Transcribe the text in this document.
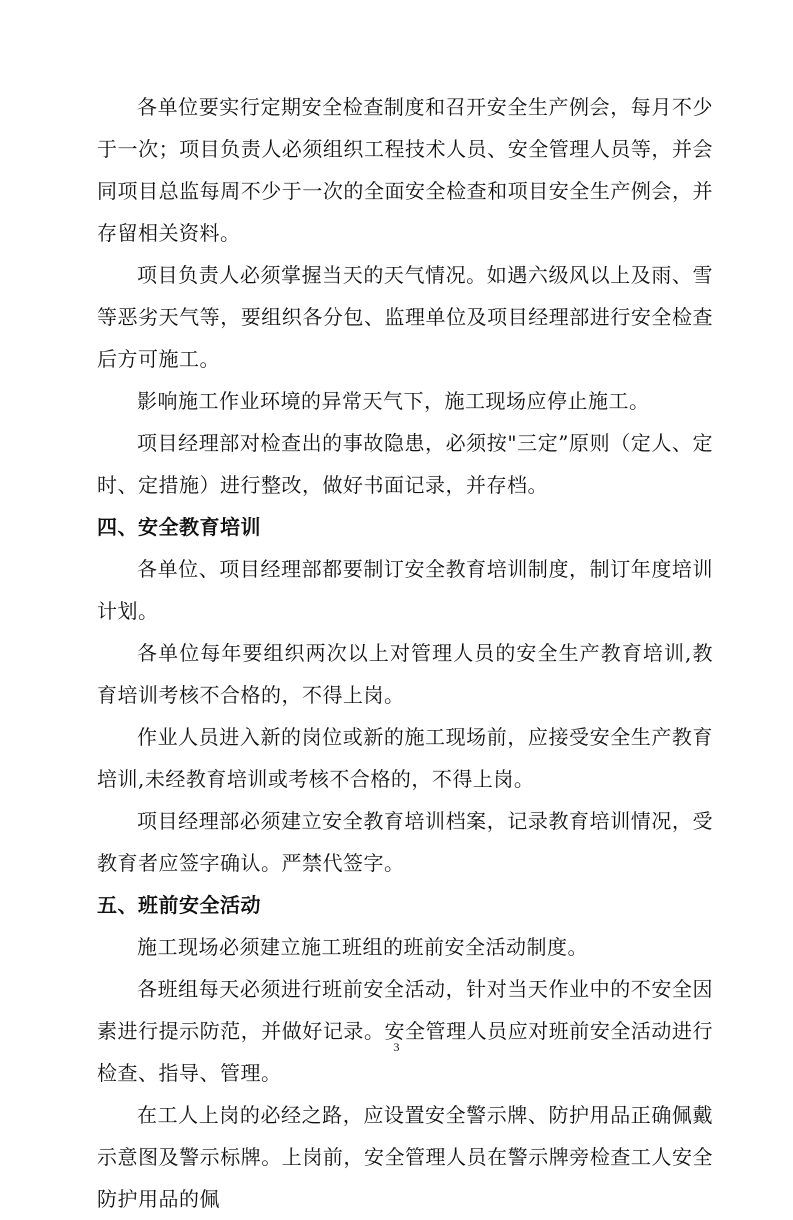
各单位要实行定期安全检查制度和召开安全生产例会，每月不少于一次；项目负责人必须组织工程技术人员、安全管理人员等，并会同项目总监每周不少于一次的全面安全检查和项目安全生产例会，并存留相关资料。

项目负责人必须掌握当天的天气情况。如遇六级风以上及雨、雪等恶劣天气等，要组织各分包、监理单位及项目经理部进行安全检查后方可施工。

影响施工作业环境的异常天气下，施工现场应停止施工。

项目经理部对检查出的事故隐患，必须按"三定”原则（定人、定时、定措施）进行整改，做好书面记录，并存档。

四、安全教育培训

各单位、项目经理部都要制订安全教育培训制度，制订年度培训计划。

各单位每年要组织两次以上对管理人员的安全生产教育培训,教育培训考核不合格的，不得上岗。

作业人员进入新的岗位或新的施工现场前，应接受安全生产教育培训,未经教育培训或考核不合格的，不得上岗。

项目经理部必须建立安全教育培训档案，记录教育培训情况，受教育者应签字确认。严禁代签字。

五、班前安全活动

施工现场必须建立施工班组的班前安全活动制度。

各班组每天必须进行班前安全活动，针对当天作业中的不安全因素进行提示防范，并做好记录。安全管理人员应对班前安全活动进行检查、指导、管理。

在工人上岗的必经之路，应设置安全警示牌、防护用品正确佩戴示意图及警示标牌。上岗前，安全管理人员在警示牌旁检查工人安全防护用品的佩

3
